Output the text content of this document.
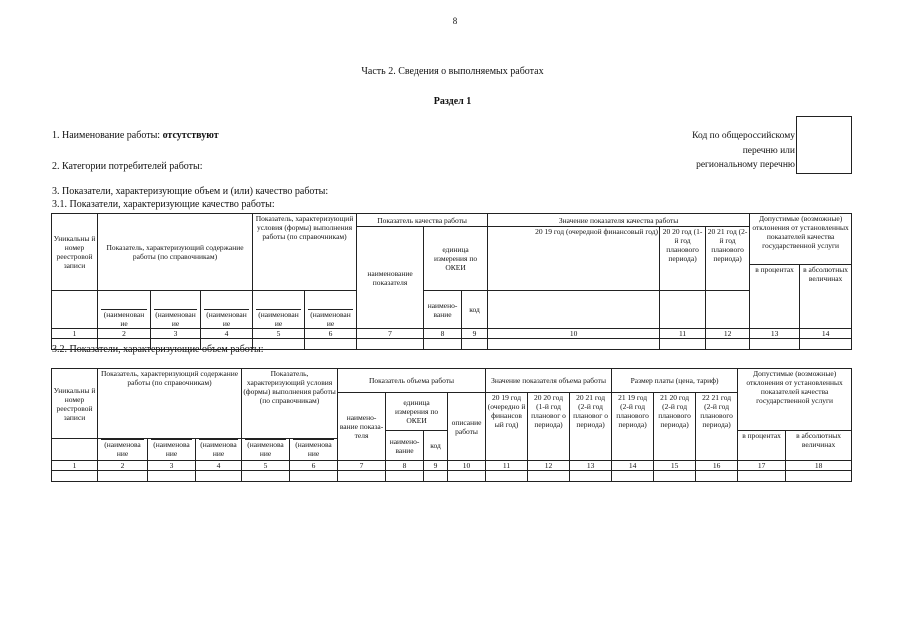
8
Часть 2. Сведения о выполняемых работах
Раздел 1
1. Наименование работы: отсутствуют
2. Категории потребителей работы:
3. Показатели, характеризующие объем и (или) качество работы:
3.1. Показатели, характеризующие качество работы:
3.2. Показатели, характеризующие объем работы:
Код по общероссийскому
перечню или
региональному перечню
Уникальны й номер реестровой записи	Показатель, характеризующий содержание работы (по справочникам)			Показатель, характеризующий условия (формы) выполнения работы (по справочникам)		Показатель качества работы			Значение показателя качества работы			Допустимые (возможные) отклонения от установленных показателей качества государственной услуги	
						наименование показателя	единица измерения по ОКЕИ		20 19 год (очередной финансовый год)	20 20 год (1-й год планового периода)	20 21 год (2-й год планового периода)		
												в процентах	в абсолютных величинах

	(наименован ие	(наименован ие	(наименован ие	(наименован ие	(наименован ие		наимено- вание	код					
1	2	3	4	5	6	7	8	9	10	11	12	13	14

Уникальны й номер реестровой записи	Показатель, характеризующий содержание работы (по справочникам)			Показатель, характеризующий условия (формы) выполнения работы (по справочникам)		Показатель объема работы				Значение показателя объема работы			Размер платы (цена, тариф)			Допустимые (возможные) отклонения от установленных показателей качества государственной услуги	
						наимено- вание показа- теля	единица измерения по ОКЕИ		описание работы	20 19 год (очередно й финансов ый год)	20 20 год (1-й год плановог о периода)	20 21 год (2-й год плановог о периода)	21 19 год (2-й год планового периода)	21 20 год (2-й год планового периода)	22 21 год (2-й год планового периода)		
							наимено- вание	код								в процентах	в абсолютных величинах

	(наименова ние	(наименова ние	(наименова ние	(наименова ние	(наименова ние												

1	2	3	4	5	6	7	8	9	10	11	12	13	14	15	16	17	18
